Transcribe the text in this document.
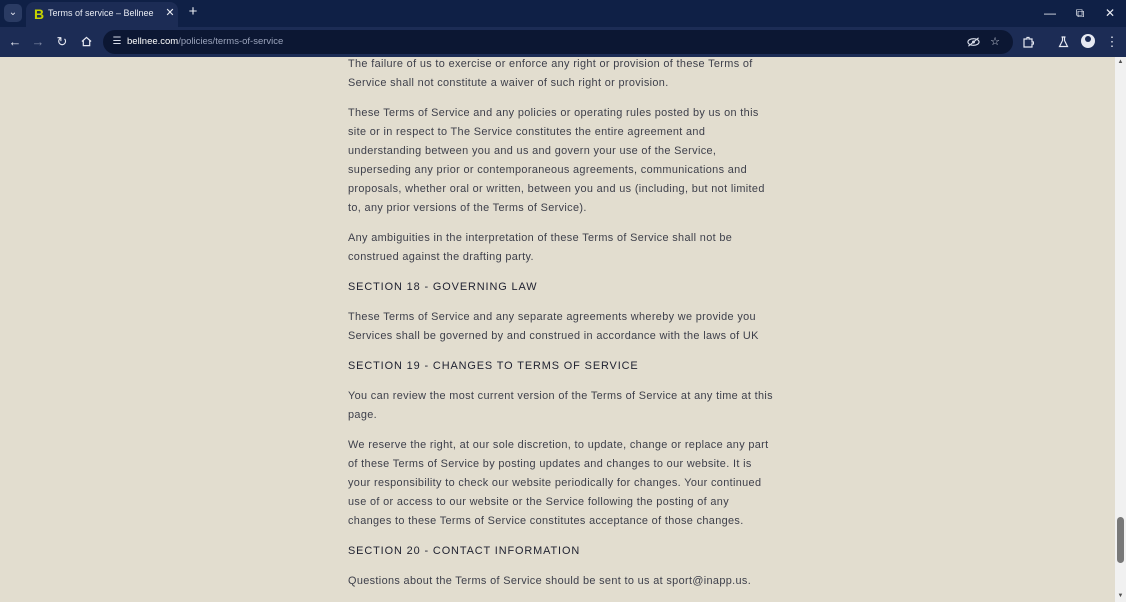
⌄	B Terms of service – Bellnee	✕ +	—	⧉	✕
← → ↻	☰ bellnee.com/policies/terms-of-service	☆	⋮

The failure of us to exercise or enforce any right or provision of these Terms of Service shall not constitute a waiver of such right or provision.

These Terms of Service and any policies or operating rules posted by us on this site or in respect to The Service constitutes the entire agreement and understanding between you and us and govern your use of the Service, superseding any prior or contemporaneous agreements, communications and proposals, whether oral or written, between you and us (including, but not limited to, any prior versions of the Terms of Service).

Any ambiguities in the interpretation of these Terms of Service shall not be construed against the drafting party.

SECTION 18 - GOVERNING LAW

These Terms of Service and any separate agreements whereby we provide you Services shall be governed by and construed in accordance with the laws of UK

SECTION 19 - CHANGES TO TERMS OF SERVICE

You can review the most current version of the Terms of Service at any time at this page.

We reserve the right, at our sole discretion, to update, change or replace any part of these Terms of Service by posting updates and changes to our website. It is your responsibility to check our website periodically for changes. Your continued use of or access to our website or the Service following the posting of any changes to these Terms of Service constitutes acceptance of those changes.

SECTION 20 - CONTACT INFORMATION

Questions about the Terms of Service should be sent to us at sport@inapp.us.

▲
▼
